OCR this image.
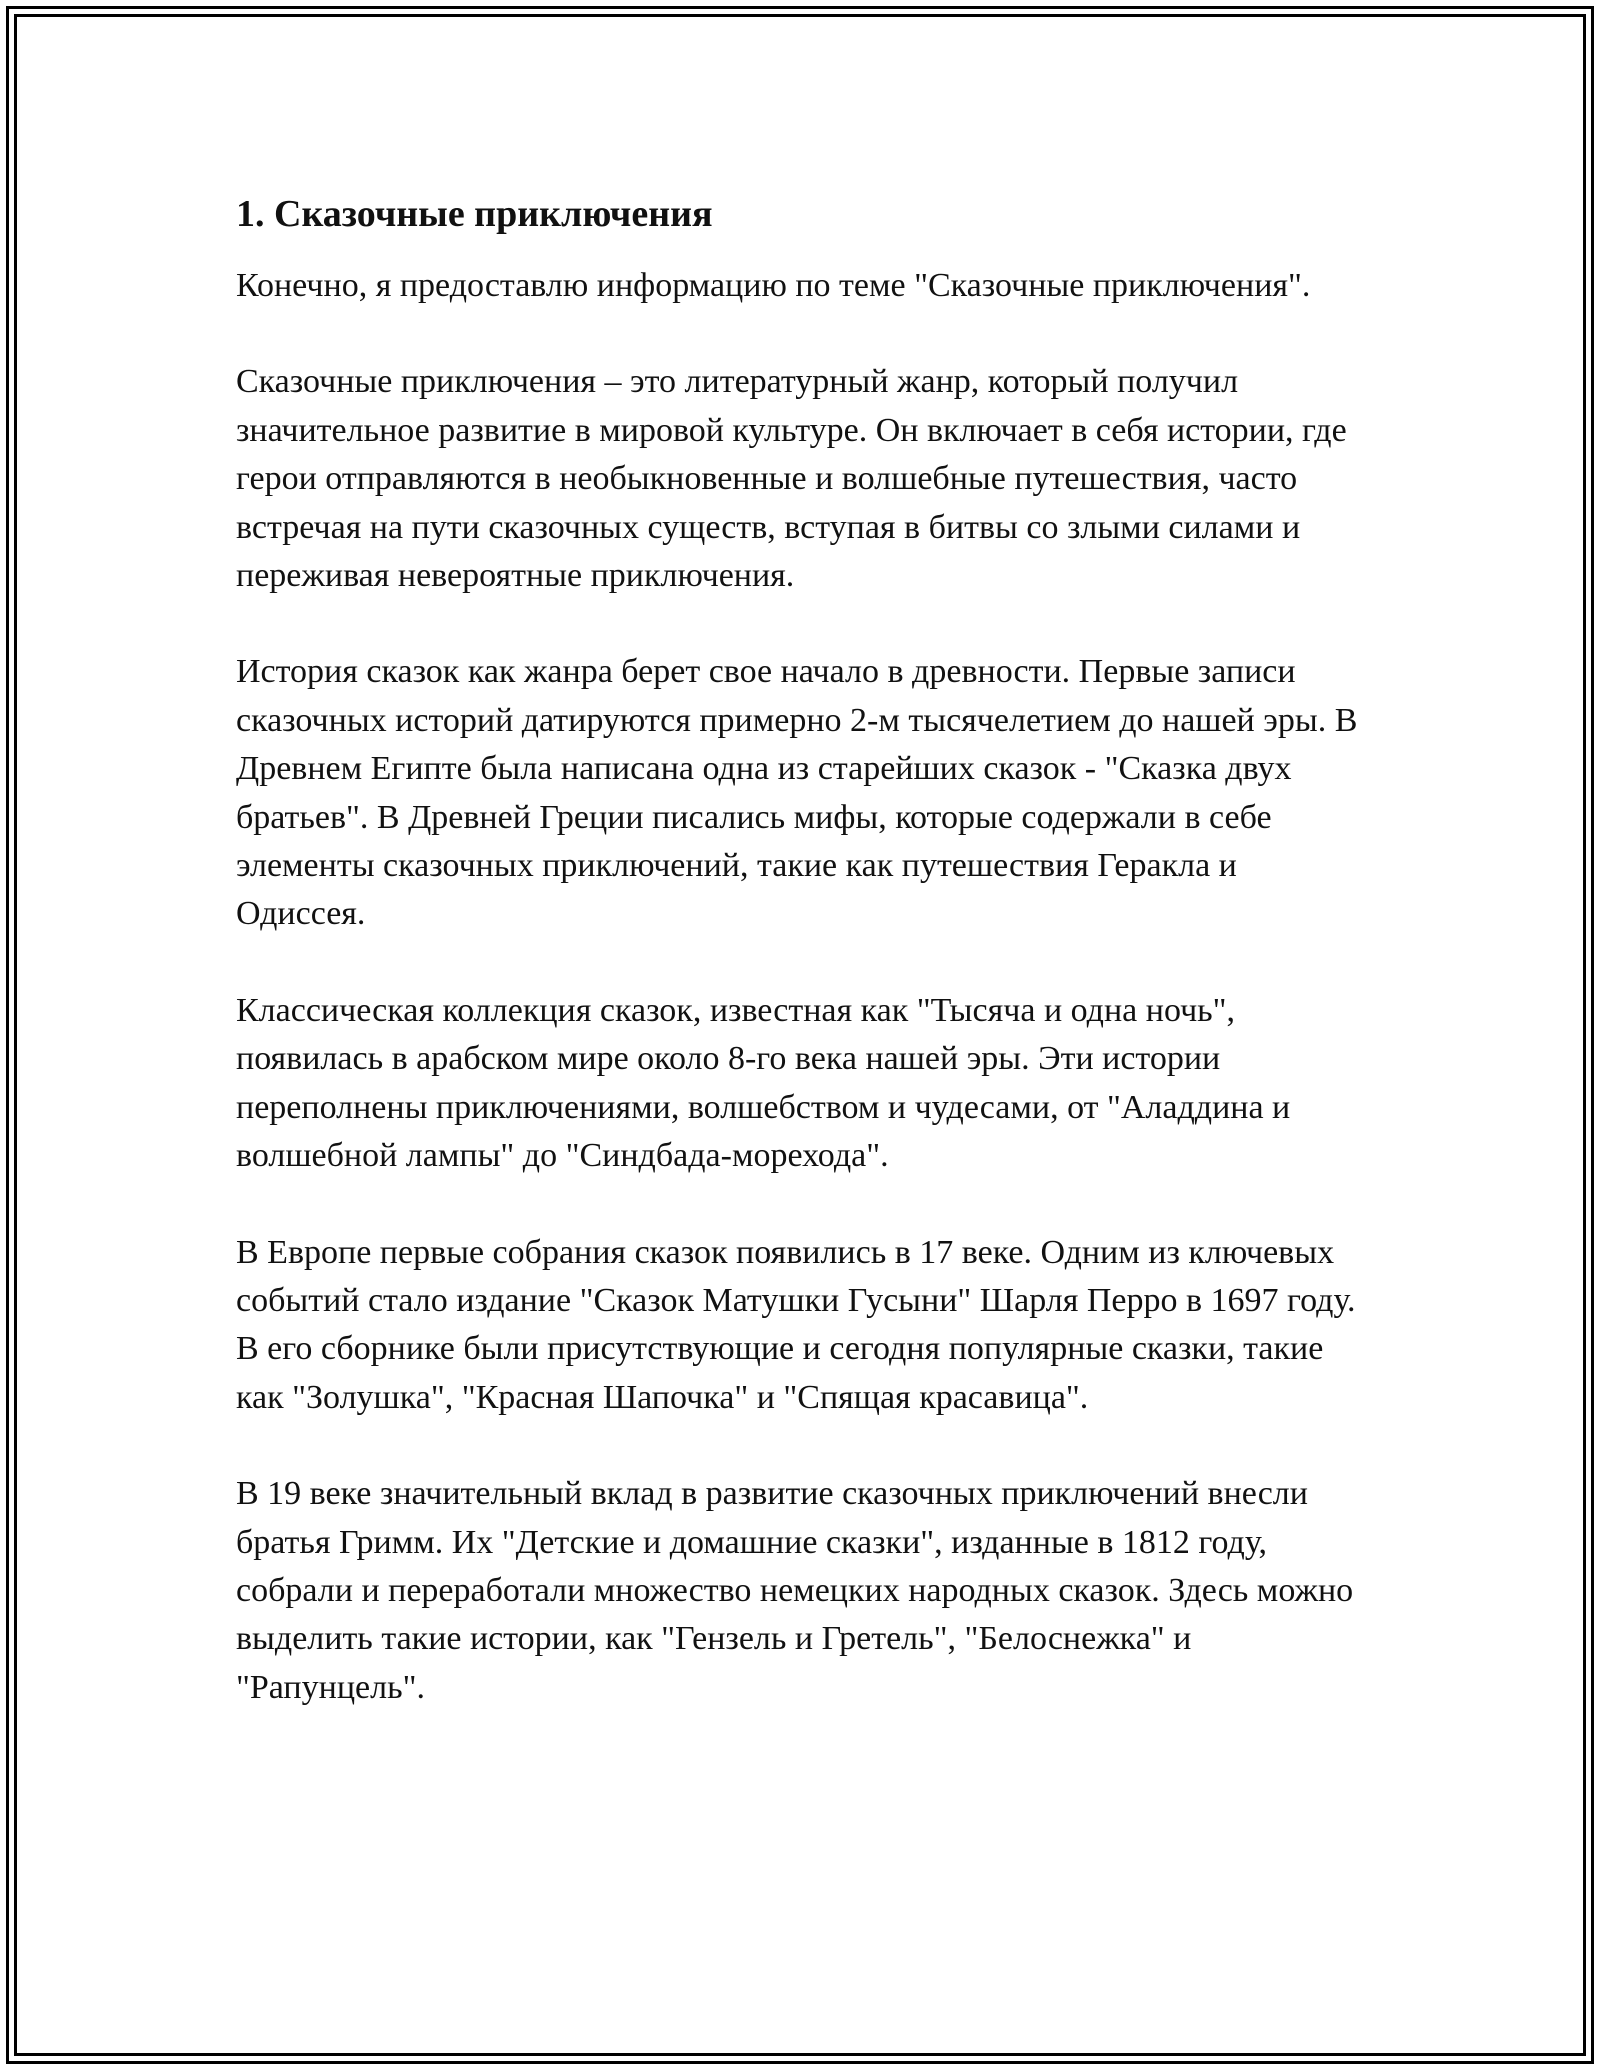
1. Сказочные приключения

Конечно, я предоставлю информацию по теме "Сказочные приключения".

Сказочные приключения – это литературный жанр, который получил значительное развитие в мировой культуре. Он включает в себя истории, где герои отправляются в необыкновенные и волшебные путешествия, часто встречая на пути сказочных существ, вступая в битвы со злыми силами и переживая невероятные приключения.

История сказок как жанра берет свое начало в древности. Первые записи сказочных историй датируются примерно 2-м тысячелетием до нашей эры. В Древнем Египте была написана одна из старейших сказок - "Сказка двух братьев". В Древней Греции писались мифы, которые содержали в себе элементы сказочных приключений, такие как путешествия Геракла и Одиссея.

Классическая коллекция сказок, известная как "Тысяча и одна ночь", появилась в арабском мире около 8-го века нашей эры. Эти истории переполнены приключениями, волшебством и чудесами, от "Аладдина и волшебной лампы" до "Синдбада-морехода".

В Европе первые собрания сказок появились в 17 веке. Одним из ключевых событий стало издание "Сказок Матушки Гусыни" Шарля Перро в 1697 году. В его сборнике были присутствующие и сегодня популярные сказки, такие как "Золушка", "Красная Шапочка" и "Спящая красавица".

В 19 веке значительный вклад в развитие сказочных приключений внесли братья Гримм. Их "Детские и домашние сказки", изданные в 1812 году, собрали и переработали множество немецких народных сказок. Здесь можно выделить такие истории, как "Гензель и Гретель", "Белоснежка" и "Рапунцель".
